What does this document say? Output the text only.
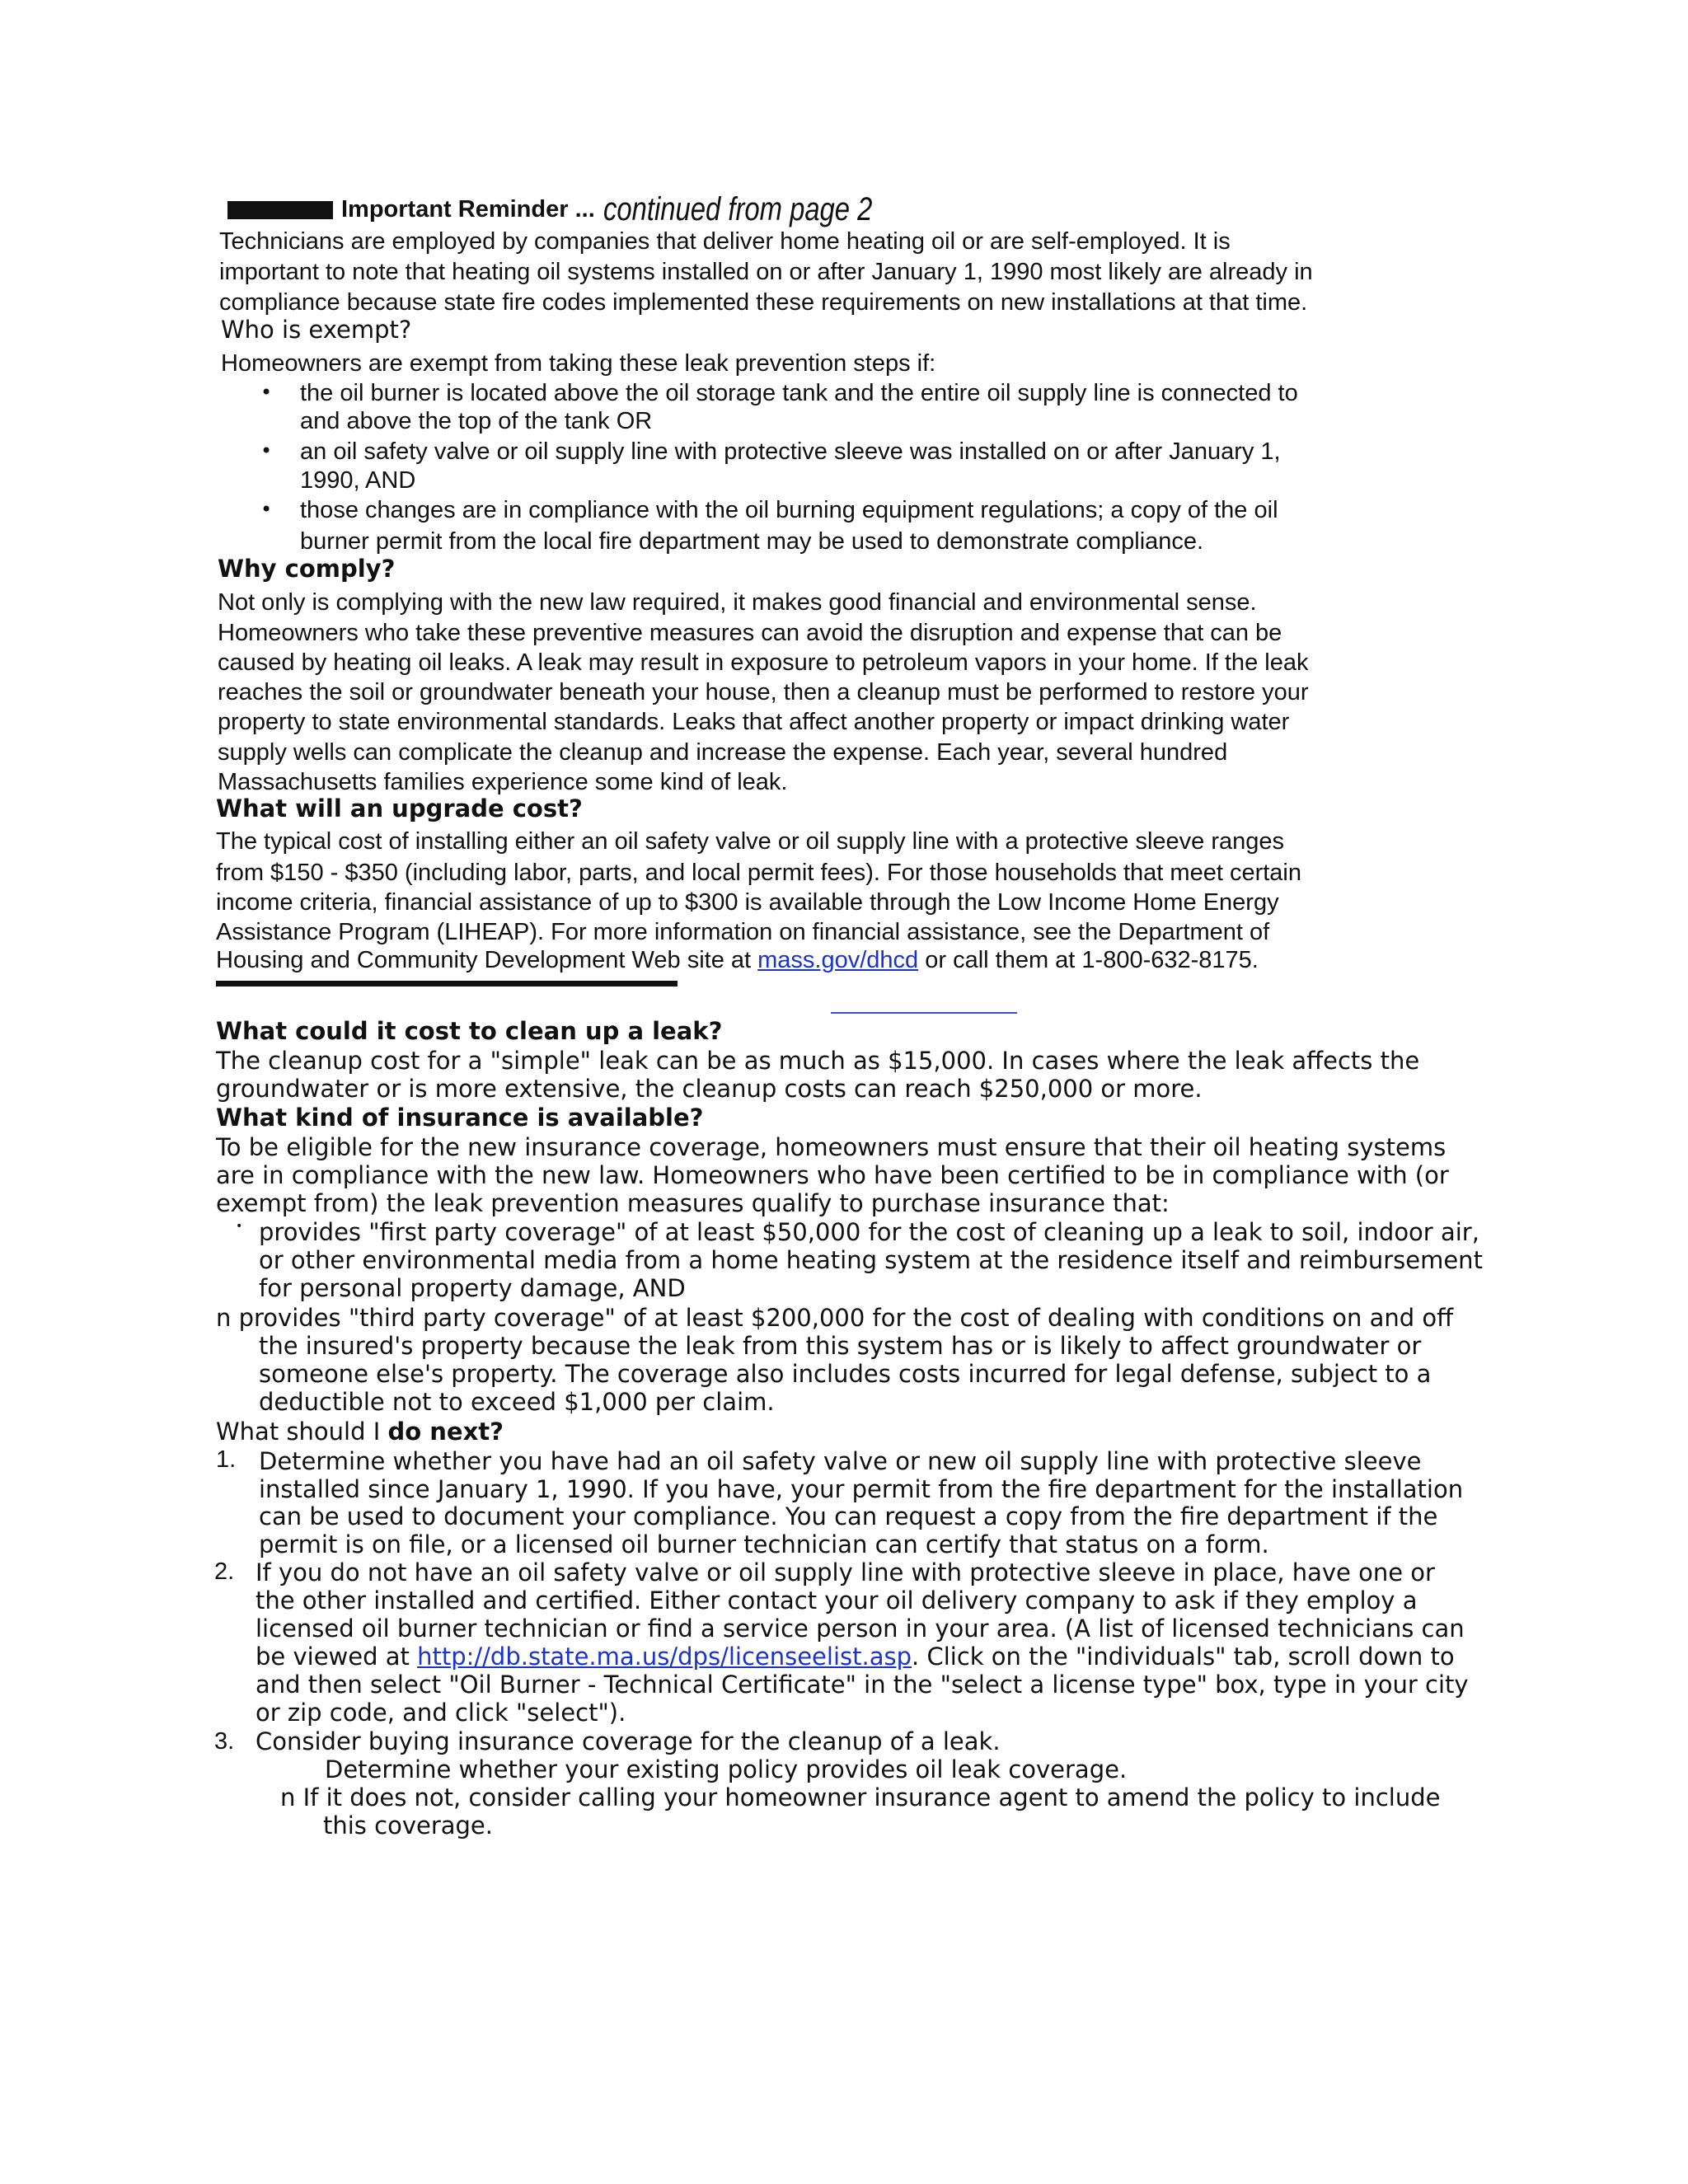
Important Reminder ... continued from page 2
Technicians are employed by companies that deliver home heating oil or are self-employed. It is
important to note that heating oil systems installed on or after January 1, 1990 most likely are already in
compliance because state fire codes implemented these requirements on new installations at that time.
Who is exempt?
Homeowners are exempt from taking these leak prevention steps if:
• the oil burner is located above the oil storage tank and the entire oil supply line is connected to
and above the top of the tank OR
• an oil safety valve or oil supply line with protective sleeve was installed on or after January 1,
1990, AND
• those changes are in compliance with the oil burning equipment regulations; a copy of the oil
burner permit from the local fire department may be used to demonstrate compliance.
Why comply?
Not only is complying with the new law required, it makes good financial and environmental sense.
Homeowners who take these preventive measures can avoid the disruption and expense that can be
caused by heating oil leaks. A leak may result in exposure to petroleum vapors in your home. If the leak
reaches the soil or groundwater beneath your house, then a cleanup must be performed to restore your
property to state environmental standards. Leaks that affect another property or impact drinking water
supply wells can complicate the cleanup and increase the expense. Each year, several hundred
Massachusetts families experience some kind of leak.
What will an upgrade cost?
The typical cost of installing either an oil safety valve or oil supply line with a protective sleeve ranges
from $150 - $350 (including labor, parts, and local permit fees). For those households that meet certain
income criteria, financial assistance of up to $300 is available through the Low Income Home Energy
Assistance Program (LIHEAP). For more information on financial assistance, see the Department of
Housing and Community Development Web site at mass.gov/dhcd or call them at 1-800-632-8175.
What could it cost to clean up a leak?
The cleanup cost for a "simple" leak can be as much as $15,000. In cases where the leak affects the
groundwater or is more extensive, the cleanup costs can reach $250,000 or more.
What kind of insurance is available?
To be eligible for the new insurance coverage, homeowners must ensure that their oil heating systems
are in compliance with the new law. Homeowners who have been certified to be in compliance with (or
exempt from) the leak prevention measures qualify to purchase insurance that:
• provides "first party coverage" of at least $50,000 for the cost of cleaning up a leak to soil, indoor air,
or other environmental media from a home heating system at the residence itself and reimbursement
for personal property damage, AND
n provides "third party coverage" of at least $200,000 for the cost of dealing with conditions on and off
the insured's property because the leak from this system has or is likely to affect groundwater or
someone else's property. The coverage also includes costs incurred for legal defense, subject to a
deductible not to exceed $1,000 per claim.
What should I do next?
1. Determine whether you have had an oil safety valve or new oil supply line with protective sleeve
installed since January 1, 1990. If you have, your permit from the fire department for the installation
can be used to document your compliance. You can request a copy from the fire department if the
permit is on file, or a licensed oil burner technician can certify that status on a form.
2. If you do not have an oil safety valve or oil supply line with protective sleeve in place, have one or
the other installed and certified. Either contact your oil delivery company to ask if they employ a
licensed oil burner technician or find a service person in your area. (A list of licensed technicians can
be viewed at http://db.state.ma.us/dps/licenseelist.asp. Click on the "individuals" tab, scroll down to
and then select "Oil Burner - Technical Certificate" in the "select a license type" box, type in your city
or zip code, and click "select").
3. Consider buying insurance coverage for the cleanup of a leak.
Determine whether your existing policy provides oil leak coverage.
n If it does not, consider calling your homeowner insurance agent to amend the policy to include
this coverage.
